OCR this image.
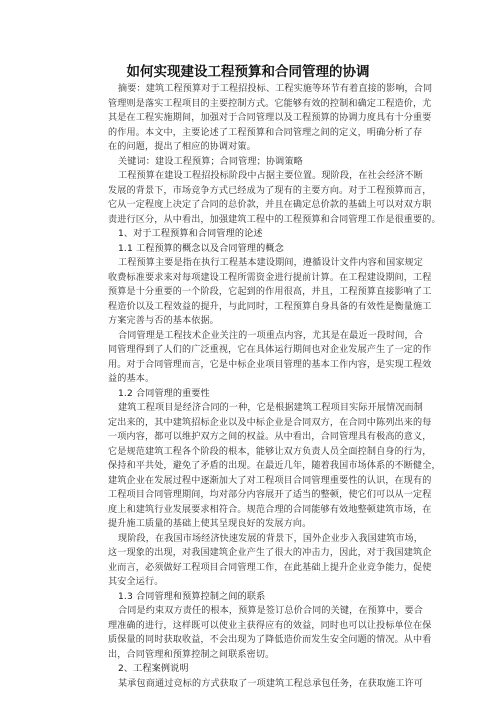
如何实现建设工程预算和合同管理的协调
摘要：建筑工程预算对于工程招投标、工程实施等环节有着直接的影响，合同
管理则是落实工程项目的主要控制方式。它能够有效的控制和确定工程造价，尤
其是在工程实施期间，加强对于合同管理以及工程预算的协调力度具有十分重要
的作用。本文中，主要论述了工程预算和合同管理之间的定义，明确分析了存
在的问题，提出了相应的协调对策。
关键词：建设工程预算；合同管理；协调策略
工程预算在建设工程招投标阶段中占据主要位置。现阶段，在社会经济不断
发展的背景下，市场竞争方式已经成为了现有的主要方向。对于工程预算而言，
它从一定程度上决定了合同的总价款，并且在确定总价款的基础上可以对双方职
责进行区分，从中看出，加强建筑工程中的工程预算和合同管理工作是很重要的。
1、对于工程预算和合同管理的论述
1.1 工程预算的概念以及合同管理的概念
工程预算主要是指在执行工程基本建设期间，遵循设计文件内容和国家规定
收费标准要求来对每项建设工程所需资金进行提前计算。在工程建设期间，工程
预算是十分重要的一个阶段，它起到的作用很高，并且，工程预算直接影响了工
程造价以及工程效益的提升，与此同时，工程预算自身具备的有效性是衡量施工
方案完善与否的基本依据。
合同管理是工程技术企业关注的一项重点内容，尤其是在最近一段时间，合
同管理得到了人们的广泛重视，它在具体运行期间也对企业发展产生了一定的作
用。对于合同管理而言，它是中标企业项目管理的基本工作内容，是实现工程效
益的基本。
1.2 合同管理的重要性
建筑工程项目是经济合同的一种，它是根据建筑工程项目实际开展情况而制
定出来的，其中建筑招标企业以及中标企业是合同双方，在合同中陈列出来的每
一项内容，都可以维护双方之间的权益。从中看出，合同管理具有极高的意义，
它是规范建筑工程各个阶段的根本，能够让双方负责人员全面控制自身的行为，
保持和平共处，避免了矛盾的出现。在最近几年，随着我国市场体系的不断健全，
建筑企业在发展过程中逐渐加大了对工程项目合同管理重要性的认识，在现有的
工程项目合同管理期间，均对部分内容展开了适当的整顿，使它们可以从一定程
度上和建筑行业发展要求相符合。规范合理的合同能够有效地整顿建筑市场，在
提升施工质量的基础上使其呈现良好的发展方向。
现阶段，在我国市场经济快速发展的背景下，国外企业步入我国建筑市场，
这一现象的出现，对我国建筑企业产生了很大的冲击力，因此，对于我国建筑企
业而言，必须做好工程项目合同管理工作，在此基础上提升企业竞争能力，促使
其安全运行。
1.3 合同管理和预算控制之间的联系
合同是约束双方责任的根本，预算是签订总价合同的关键，在预算中，要合
理准确的进行，这样既可以使业主获得应有的效益，同时也可以让投标单位在保
质保量的同时获取收益，不会出现为了降低造价而发生安全问题的情况。从中看
出，合同管理和预算控制之间联系密切。
2、工程案例说明
某承包商通过竞标的方式获取了一项建筑工程总承包任务，在获取施工许可
